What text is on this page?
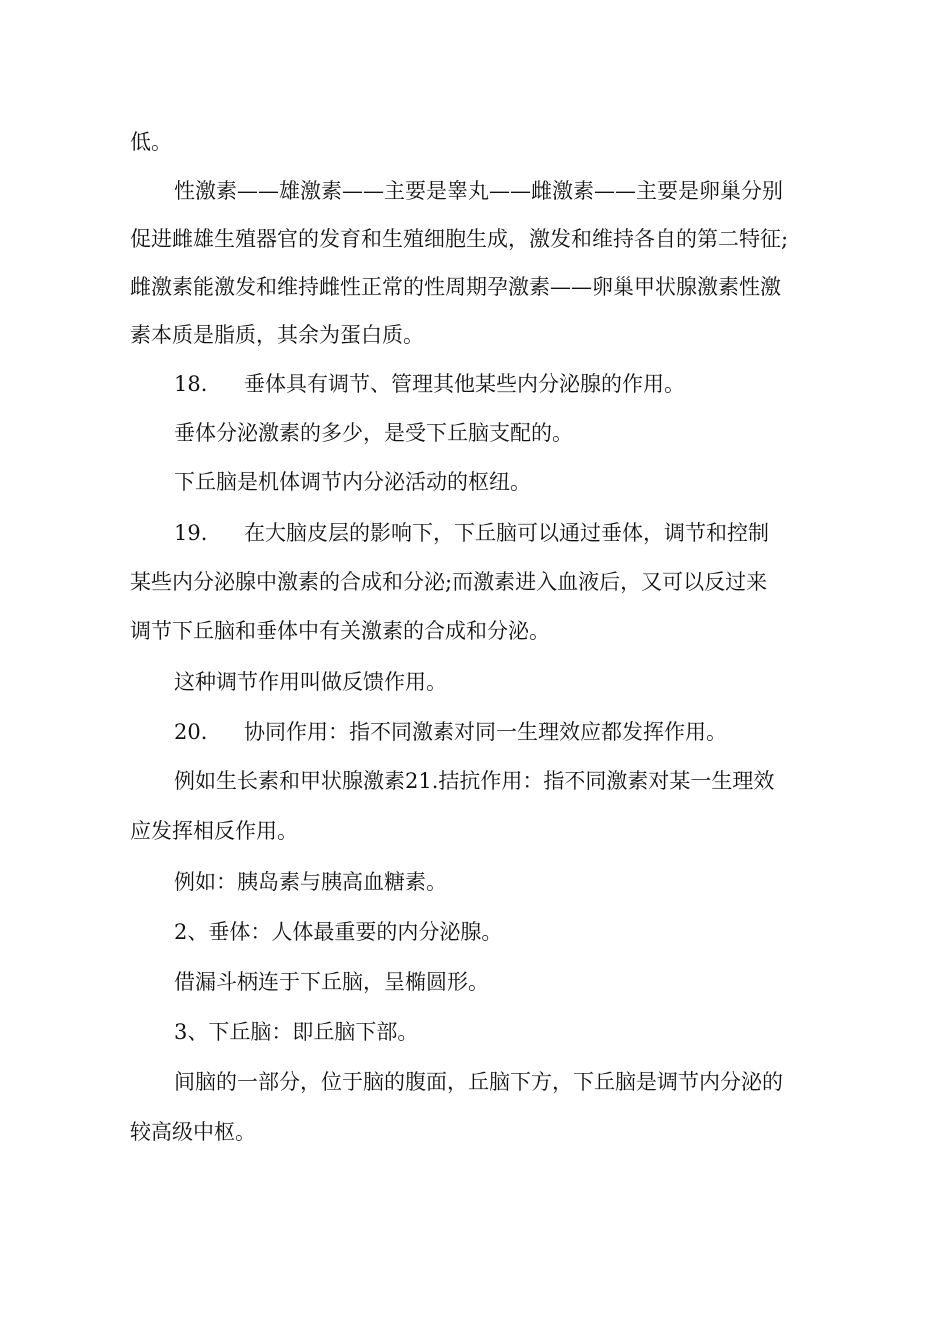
低。
性激素——雄激素——主要是睾丸——雌激素——主要是卵巢分别
促进雌雄生殖器官的发育和生殖细胞生成，激发和维持各自的第二特征;
雌激素能激发和维持雌性正常的性周期孕激素——卵巢甲状腺激素性激
素本质是脂质，其余为蛋白质。
18. 垂体具有调节、管理其他某些内分泌腺的作用。
垂体分泌激素的多少，是受下丘脑支配的。
下丘脑是机体调节内分泌活动的枢纽。
19. 在大脑皮层的影响下，下丘脑可以通过垂体，调节和控制
某些内分泌腺中激素的合成和分泌;而激素进入血液后，又可以反过来
调节下丘脑和垂体中有关激素的合成和分泌。
这种调节作用叫做反馈作用。
20. 协同作用：指不同激素对同一生理效应都发挥作用。
例如生长素和甲状腺激素21.拮抗作用：指不同激素对某一生理效
应发挥相反作用。
例如：胰岛素与胰高血糖素。
2、垂体：人体最重要的内分泌腺。
借漏斗柄连于下丘脑，呈椭圆形。
3、下丘脑：即丘脑下部。
间脑的一部分，位于脑的腹面，丘脑下方，下丘脑是调节内分泌的
较高级中枢。
